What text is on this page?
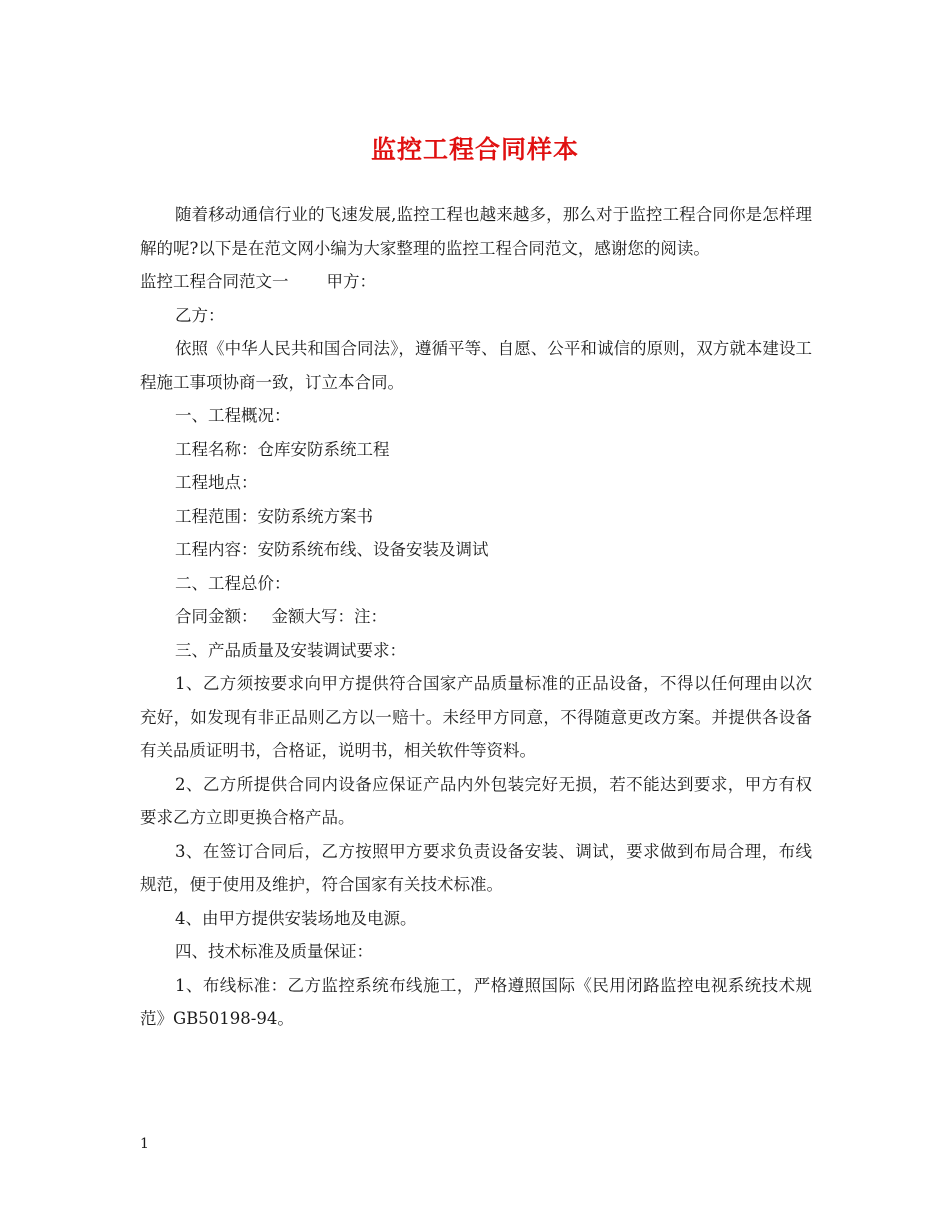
监控工程合同样本

随着移动通信行业的飞速发展,监控工程也越来越多，那么对于监控工程合同你是怎样理解的呢?以下是在范文网小编为大家整理的监控工程合同范文，感谢您的阅读。

监控工程合同范文一 甲方：

乙方：

依照《中华人民共和国合同法》，遵循平等、自愿、公平和诚信的原则，双方就本建设工程施工事项协商一致，订立本合同。

一、工程概况：

工程名称：仓库安防系统工程

工程地点：

工程范围：安防系统方案书

工程内容：安防系统布线、设备安装及调试

二、工程总价：

合同金额： 金额大写：注：

三、产品质量及安装调试要求：

1、乙方须按要求向甲方提供符合国家产品质量标准的正品设备，不得以任何理由以次充好，如发现有非正品则乙方以一赔十。未经甲方同意，不得随意更改方案。并提供各设备有关品质证明书，合格证，说明书，相关软件等资料。

2、乙方所提供合同内设备应保证产品内外包装完好无损，若不能达到要求，甲方有权要求乙方立即更换合格产品。

3、在签订合同后，乙方按照甲方要求负责设备安装、调试，要求做到布局合理，布线规范，便于使用及维护，符合国家有关技术标准。

4、由甲方提供安装场地及电源。

四、技术标准及质量保证：

1、布线标准：乙方监控系统布线施工，严格遵照国际《民用闭路监控电视系统技术规范》GB50198-94。

1
